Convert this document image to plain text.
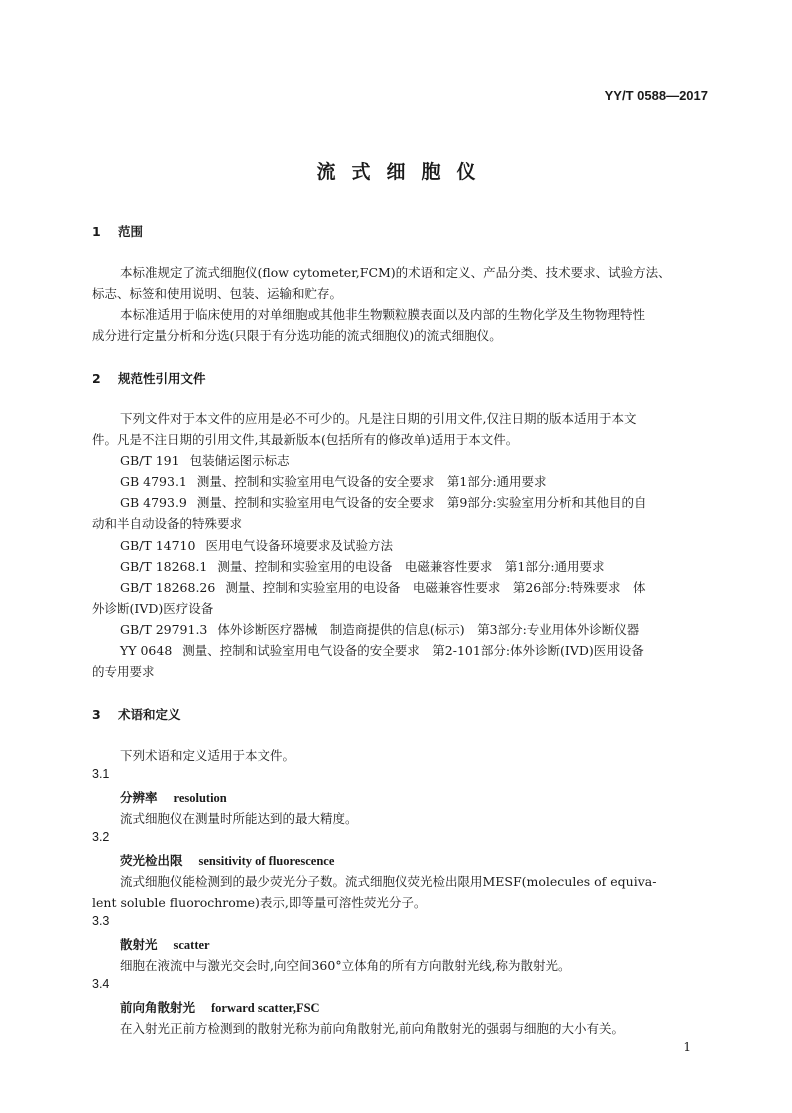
YY/T 0588—2017
流式细胞仪
1 范围
本标准规定了流式细胞仪(flow cytometer,FCM)的术语和定义、产品分类、技术要求、试验方法、
标志、标签和使用说明、包装、运输和贮存。
本标准适用于临床使用的对单细胞或其他非生物颗粒膜表面以及内部的生物化学及生物物理特性
成分进行定量分析和分选(只限于有分选功能的流式细胞仪)的流式细胞仪。
2 规范性引用文件
下列文件对于本文件的应用是必不可少的。凡是注日期的引用文件,仅注日期的版本适用于本文
件。凡是不注日期的引用文件,其最新版本(包括所有的修改单)适用于本文件。
GB/T 191 包装储运图示标志
GB 4793.1 测量、控制和实验室用电气设备的安全要求　第1部分:通用要求
GB 4793.9 测量、控制和实验室用电气设备的安全要求　第9部分:实验室用分析和其他目的自
动和半自动设备的特殊要求
GB/T 14710 医用电气设备环境要求及试验方法
GB/T 18268.1 测量、控制和实验室用的电设备　电磁兼容性要求　第1部分:通用要求
GB/T 18268.26 测量、控制和实验室用的电设备　电磁兼容性要求　第26部分:特殊要求　体
外诊断(IVD)医疗设备
GB/T 29791.3 体外诊断医疗器械　制造商提供的信息(标示)　第3部分:专业用体外诊断仪器
YY 0648 测量、控制和试验室用电气设备的安全要求　第2-101部分:体外诊断(IVD)医用设备
的专用要求
3 术语和定义
下列术语和定义适用于本文件。
3.1
分辨率 resolution
流式细胞仪在测量时所能达到的最大精度。
3.2
荧光检出限 sensitivity of fluorescence
流式细胞仪能检测到的最少荧光分子数。流式细胞仪荧光检出限用MESF(molecules of equiva-
lent soluble fluorochrome)表示,即等量可溶性荧光分子。
3.3
散射光 scatter
细胞在液流中与激光交会时,向空间360°立体角的所有方向散射光线,称为散射光。
3.4
前向角散射光 forward scatter,FSC
在入射光正前方检测到的散射光称为前向角散射光,前向角散射光的强弱与细胞的大小有关。
1
